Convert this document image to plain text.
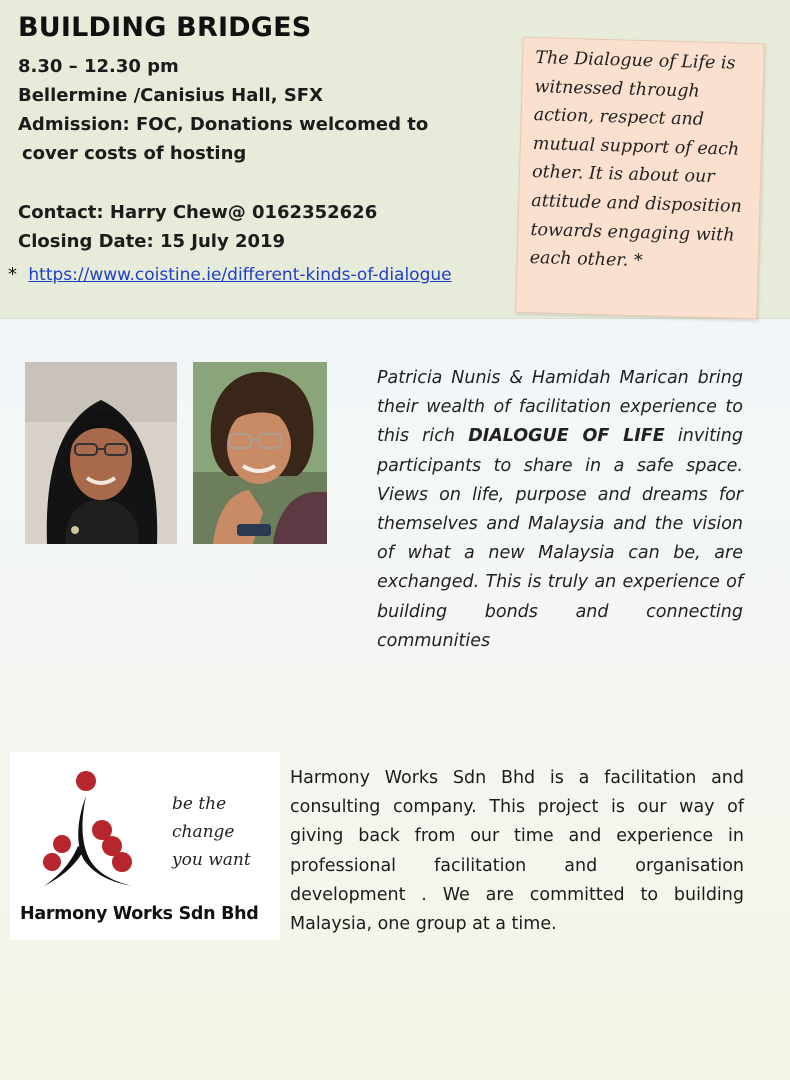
BUILDING BRIDGES
8.30 – 12.30 pm
Bellermine /Canisius Hall, SFX
Admission: FOC, Donations welcomed to
cover costs of hosting
Contact: Harry Chew@ 0162352626
Closing Date: 15 July 2019
* https://www.coistine.ie/different-kinds-of-dialogue

The Dialogue of Life is witnessed through action, respect and mutual support of each other. It is about our attitude and disposition towards engaging with each other. *

Patricia Nunis & Hamidah Marican bring their wealth of facilitation experience to this rich DIALOGUE OF LIFE inviting participants to share in a safe space. Views on life, purpose and dreams for themselves and Malaysia and the vision of what a new Malaysia can be, are exchanged. This is truly an experience of building bonds and connecting communities
be the
change
you want
Harmony Works Sdn Bhd
Harmony Works Sdn Bhd is a facilitation and consulting company. This project is our way of giving back from our time and experience in professional facilitation and organisation development . We are committed to building Malaysia, one group at a time.
